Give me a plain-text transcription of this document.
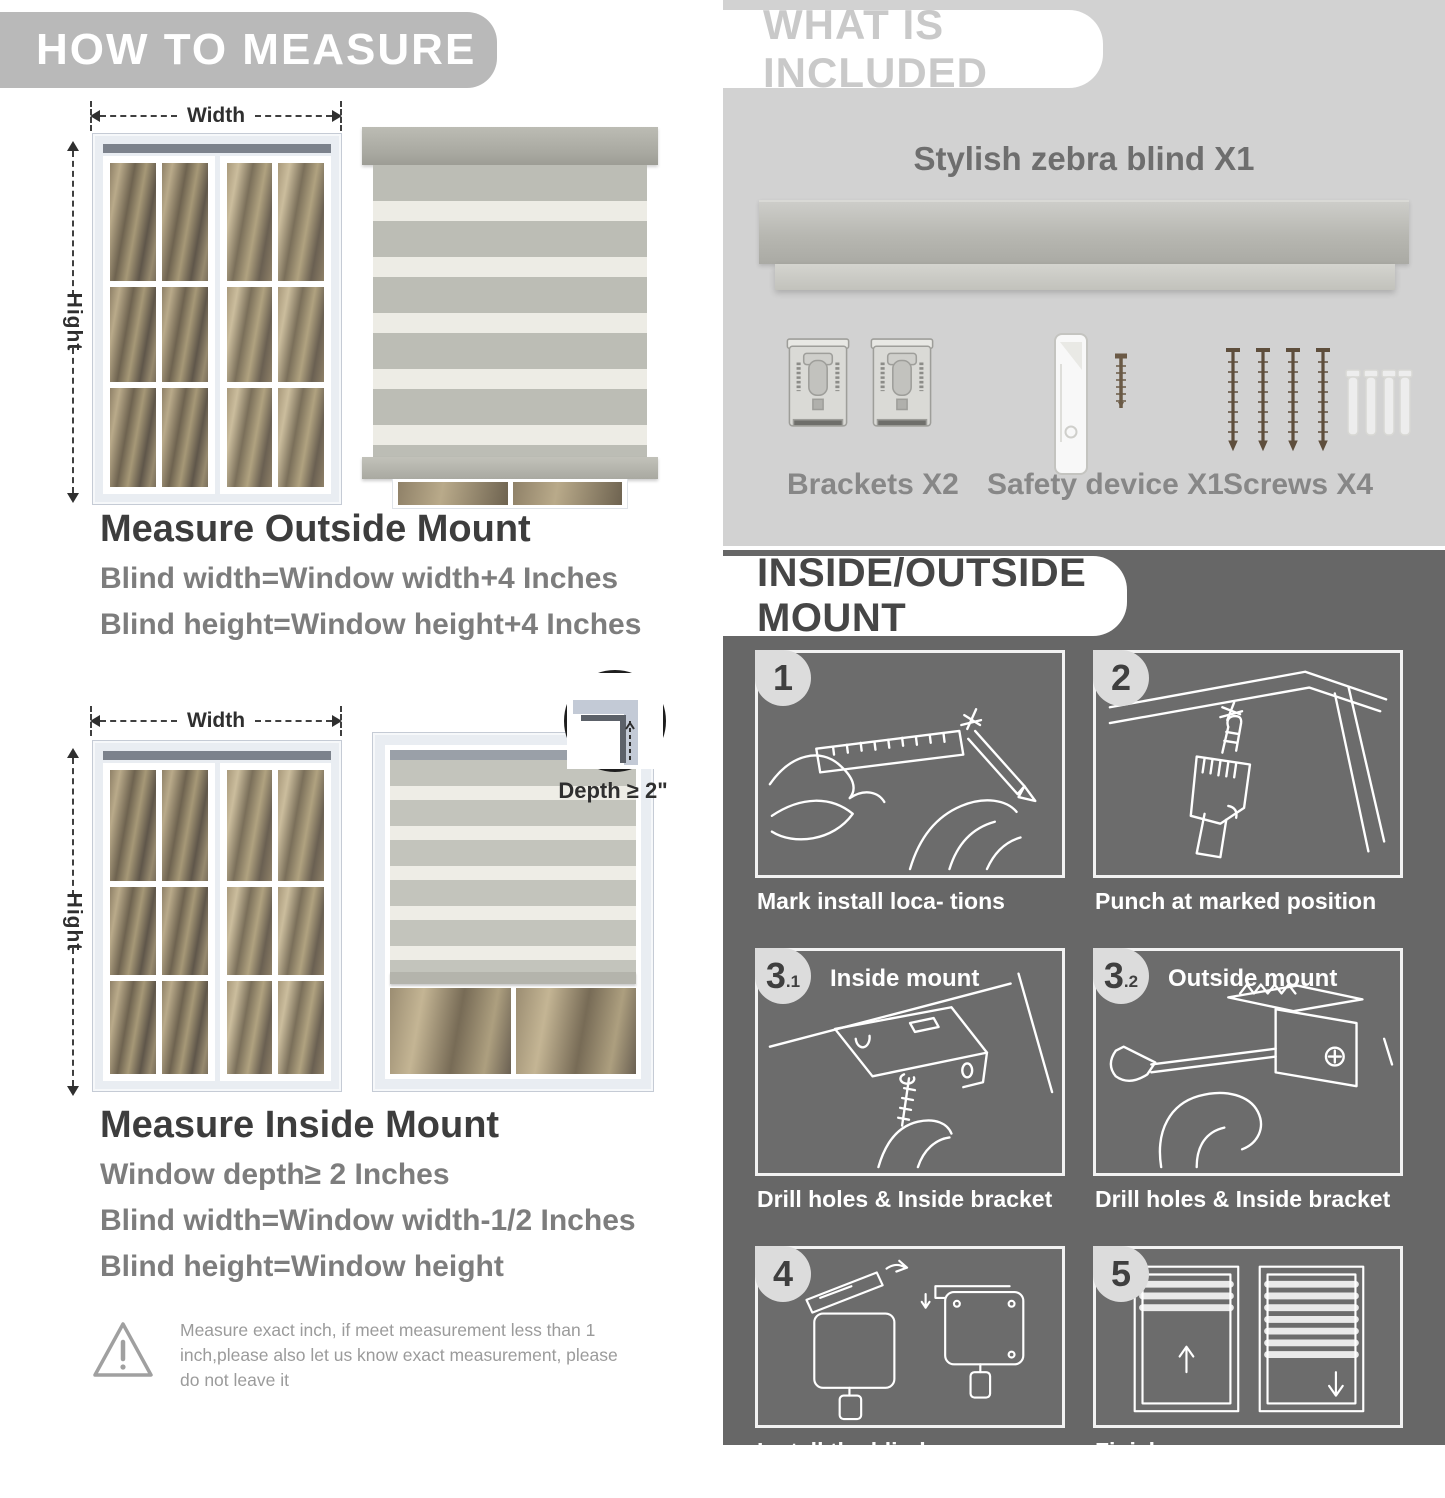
HOW TO MEASURE
Width
Hight
Measure Outside Mount
Blind width=Window width+4 Inches
Blind height=Window height+4 Inches
Width
Hight
Depth ≥ 2"
Measure Inside Mount
Window depth≥ 2 Inches
Blind width=Window width-1/2 Inches
Blind height=Window height
Measure exact inch, if meet measurement less than 1 inch,please also let us know exact measurement, please do not leave it
WHAT IS INCLUDED
Stylish zebra blind X1
Brackets X2 Safety device X1 Screws X4
INSIDE/OUTSIDE MOUNT
1
Mark install loca- tions
2
Punch at marked position
3 .1 Inside mount
Drill holes & Inside bracket
3 .2 Outside mount
Drill holes & Inside bracket
4
Install the blind
5
Finish
